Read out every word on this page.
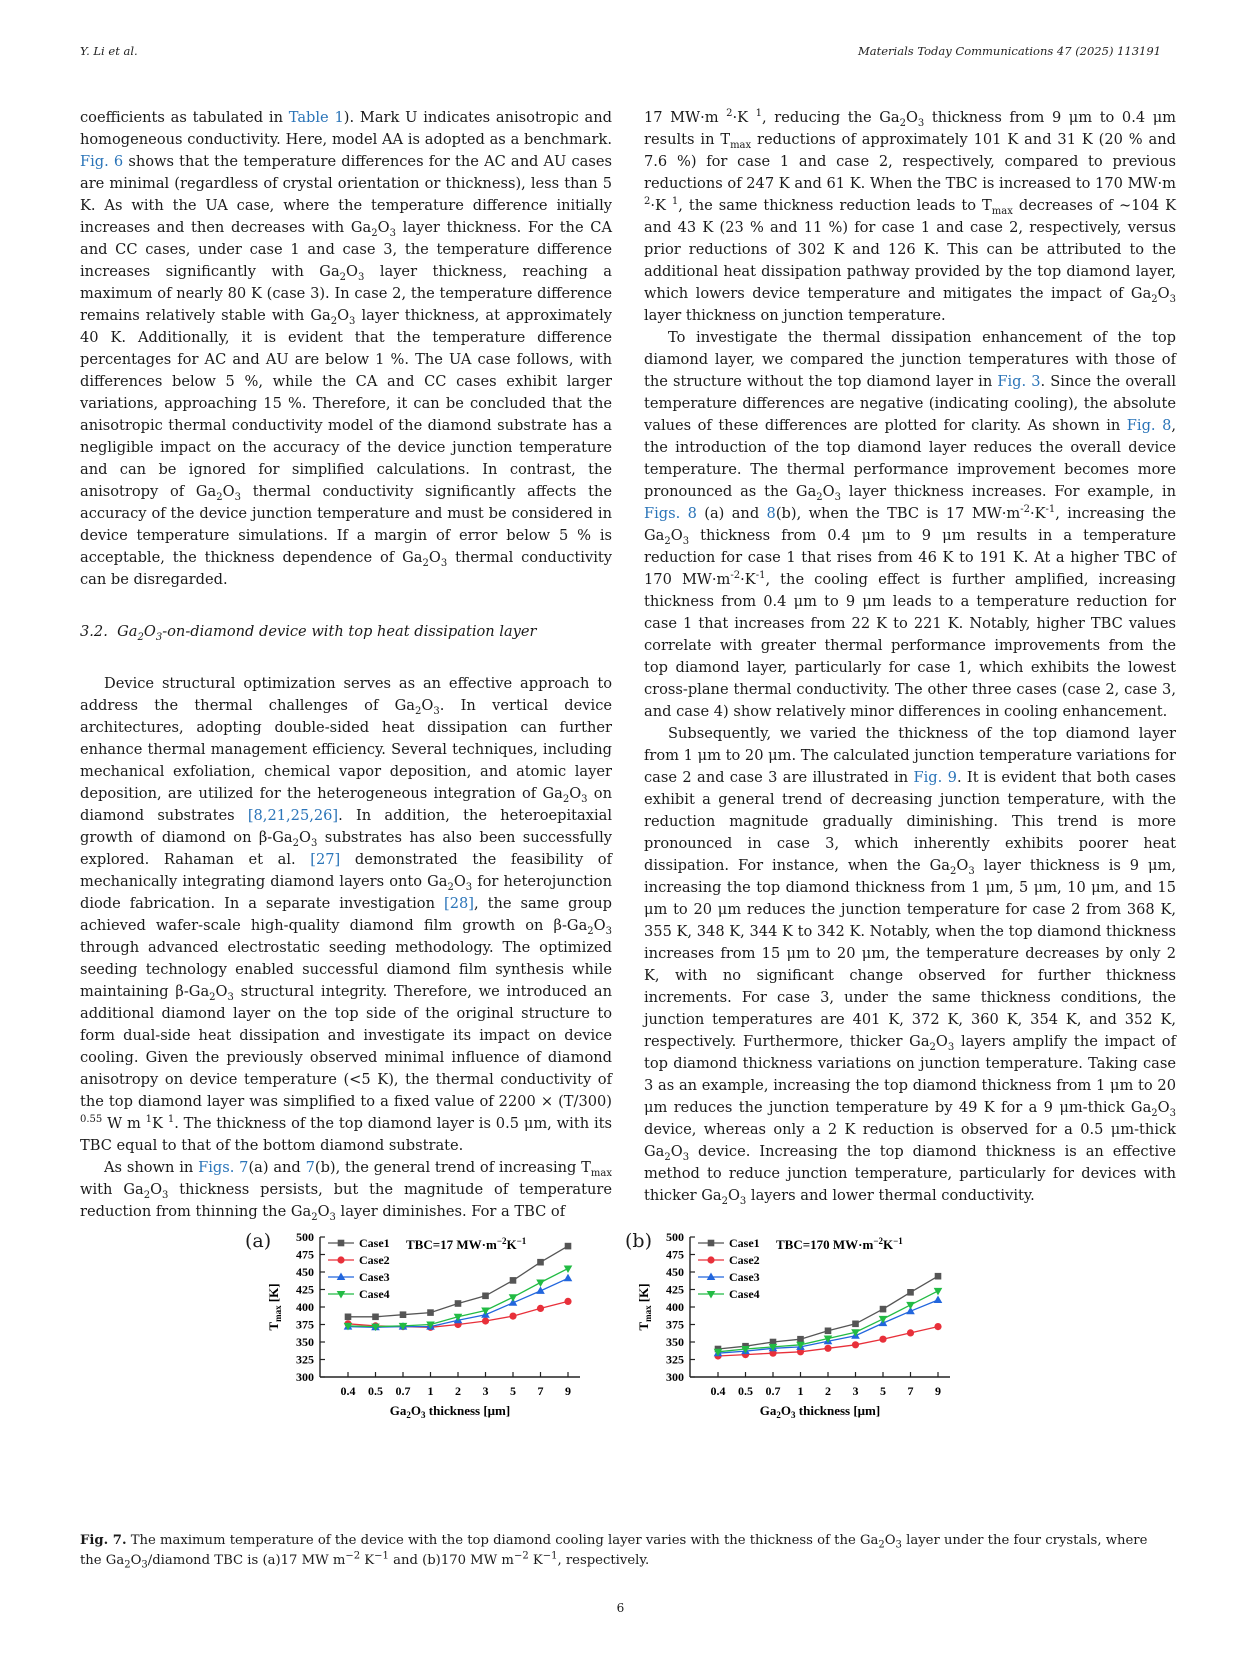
Y. Li et al.	Materials Today Communications 47 (2025) 113191

coefficients as tabulated in Table 1). Mark U indicates anisotropic and homogeneous conductivity. Here, model AA is adopted as a benchmark. Fig. 6 shows that the temperature differences for the AC and AU cases are minimal (regardless of crystal orientation or thickness), less than 5 K. As with the UA case, where the temperature difference initially increases and then decreases with $Ga_2O_3$ layer thickness. For the CA and CC cases, under case 1 and case 3, the temperature difference increases significantly with $Ga_2O_3$ layer thickness, reaching a maximum of nearly 80 K (case 3). In case 2, the temperature difference remains relatively stable with $Ga_2O_3$ layer thickness, at approximately 40 K. Additionally, it is evident that the temperature difference percentages for AC and AU are below 1 %. The UA case follows, with differences below 5 %, while the CA and CC cases exhibit larger variations, approaching 15 %. Therefore, it can be concluded that the anisotropic thermal conductivity model of the diamond substrate has a negligible impact on the accuracy of the device junction temperature and can be ignored for simplified calculations. In contrast, the anisotropy of $Ga_2O_3$ thermal conductivity significantly affects the accuracy of the device junction temperature and must be considered in device temperature simulations. If a margin of error below 5 % is acceptable, the thickness dependence of $Ga_2O_3$ thermal conductivity can be disregarded.

3.2. $Ga_2O_3-on$-diamond device with top heat dissipation layer

Device structural optimization serves as an effective approach to address the thermal challenges of $Ga_2O_3$. In vertical device architectures, adopting double-sided heat dissipation can further enhance thermal management efficiency. Several techniques, including mechanical exfoliation, chemical vapor deposition, and atomic layer deposition, are utilized for the heterogeneous integration of $Ga_2O_3$ on diamond substrates [8,21,25,26]. In addition, the heteroepitaxial growth of diamond on $\beta-Ga_2O_3$ substrates has also been successfully explored. Rahaman et al. [27] demonstrated the feasibility of mechanically integrating diamond layers onto $Ga_2O_3$ for heterojunction diode fabrication. In a separate investigation [28], the same group achieved wafer-scale high-quality diamond film growth on $\beta-Ga_2O_3$ through advanced electrostatic seeding methodology. The optimized seeding technology enabled successful diamond film synthesis while maintaining $\beta-Ga_2O_3$ structural integrity. Therefore, we introduced an additional diamond layer on the top side of the original structure to form dual-side heat dissipation and investigate its impact on device cooling. Given the previously observed minimal influence of diamond anisotropy on device temperature (<5 K), the thermal conductivity of the top diamond layer was simplified to a fixed value of 2200 × (T/300) $^{0.55}$ W m $^1$K $^1$. The thickness of the top diamond layer is 0.5 μm, with its TBC equal to that of the bottom diamond substrate.

As shown in Figs. 7(a) and 7(b), the general trend of increasing $T_{max}$ with $Ga_2O_3$ thickness persists, but the magnitude of temperature reduction from thinning the $Ga_2O_3$ layer diminishes. For a TBC of

17 MW·m $^2$·K $^1$, reducing the $Ga_2O_3$ thickness from 9 μm to 0.4 μm results in $T_{max}$ reductions of approximately 101 K and 31 K (20 % and 7.6 %) for case 1 and case 2, respectively, compared to previous reductions of 247 K and 61 K. When the TBC is increased to 170 MW·m $^2$·K $^1$, the same thickness reduction leads to $T_{max}$ decreases of ~104 K and 43 K (23 % and 11 %) for case 1 and case 2, respectively, versus prior reductions of 302 K and 126 K. This can be attributed to the additional heat dissipation pathway provided by the top diamond layer, which lowers device temperature and mitigates the impact of $Ga_2O_3$ layer thickness on junction temperature.

To investigate the thermal dissipation enhancement of the top diamond layer, we compared the junction temperatures with those of the structure without the top diamond layer in Fig. 3. Since the overall temperature differences are negative (indicating cooling), the absolute values of these differences are plotted for clarity. As shown in Fig. 8, the introduction of the top diamond layer reduces the overall device temperature. The thermal performance improvement becomes more pronounced as the $Ga_2O_3$ layer thickness increases. For example, in Figs. 8 (a) and 8(b), when the TBC is 17 $MW\cdot m^{-2}\cdot K^{-1}$, increasing the $Ga_2O_3$ thickness from 0.4 μm to 9 μm results in a temperature reduction for case 1 that rises from 46 K to 191 K. At a higher TBC of 170 $MW\cdot m^{-2}\cdot K^{-1}$, the cooling effect is further amplified, increasing thickness from 0.4 μm to 9 μm leads to a temperature reduction for case 1 that increases from 22 K to 221 K. Notably, higher TBC values correlate with greater thermal performance improvements from the top diamond layer, particularly for case 1, which exhibits the lowest cross-plane thermal conductivity. The other three cases (case 2, case 3, and case 4) show relatively minor differences in cooling enhancement.

Subsequently, we varied the thickness of the top diamond layer from 1 μm to 20 μm. The calculated junction temperature variations for case 2 and case 3 are illustrated in Fig. 9. It is evident that both cases exhibit a general trend of decreasing junction temperature, with the reduction magnitude gradually diminishing. This trend is more pronounced in case 3, which inherently exhibits poorer heat dissipation. For instance, when the $Ga_2O_3$ layer thickness is 9 μm, increasing the top diamond thickness from 1 μm, 5 μm, 10 μm, and 15 μm to 20 μm reduces the junction temperature for case 2 from 368 K, 355 K, 348 K, 344 K to 342 K. Notably, when the top diamond thickness increases from 15 μm to 20 μm, the temperature decreases by only 2 K, with no significant change observed for further thickness increments. For case 3, under the same thickness conditions, the junction temperatures are 401 K, 372 K, 360 K, 354 K, and 352 K, respectively. Furthermore, thicker $Ga_2O_3$ layers amplify the impact of top diamond thickness variations on junction temperature. Taking case 3 as an example, increasing the top diamond thickness from 1 μm to 20 μm reduces the junction temperature by 49 K for a 9 μm-thick $Ga_2O_3$ device, whereas only a 2 K reduction is observed for a 0.5 μm-thick $Ga_2O_3$ device. Increasing the top diamond thickness is an effective method to reduce junction temperature, particularly for devices with thicker $Ga_2O_3$ layers and lower thermal conductivity.

(a)	(b)
300
325
350
375
400
425
450
475
500
0.4 0.5 0.7 1 2 3 5 7 9
$T_{max}$ [K]
$Ga_2O_3$ thickness [μm]
Case1
Case2
Case3
Case4
TBC=17 $MW\cdot m^{-2}K^{-1}$
300
325
350
375
400
425
450
475
500
0.4 0.5 0.7 1 2 3 5 7 9
$T_{max}$ [K]
$Ga_2O_3$ thickness [μm]
Case1
Case2
Case3
Case4
TBC=170 $MW\cdot m^{-2}K^{-1}$
Fig. 7. The maximum temperature of the device with the top diamond cooling layer varies with the thickness of the $Ga_2O_3$ layer under the four crystals, where the $Ga_2O_3$/diamond TBC is (a)17 MW $m^{-2}$ $K^{-1}$ and (b)170 MW $m^{-2}$ $K^{-1}$, respectively.
6
